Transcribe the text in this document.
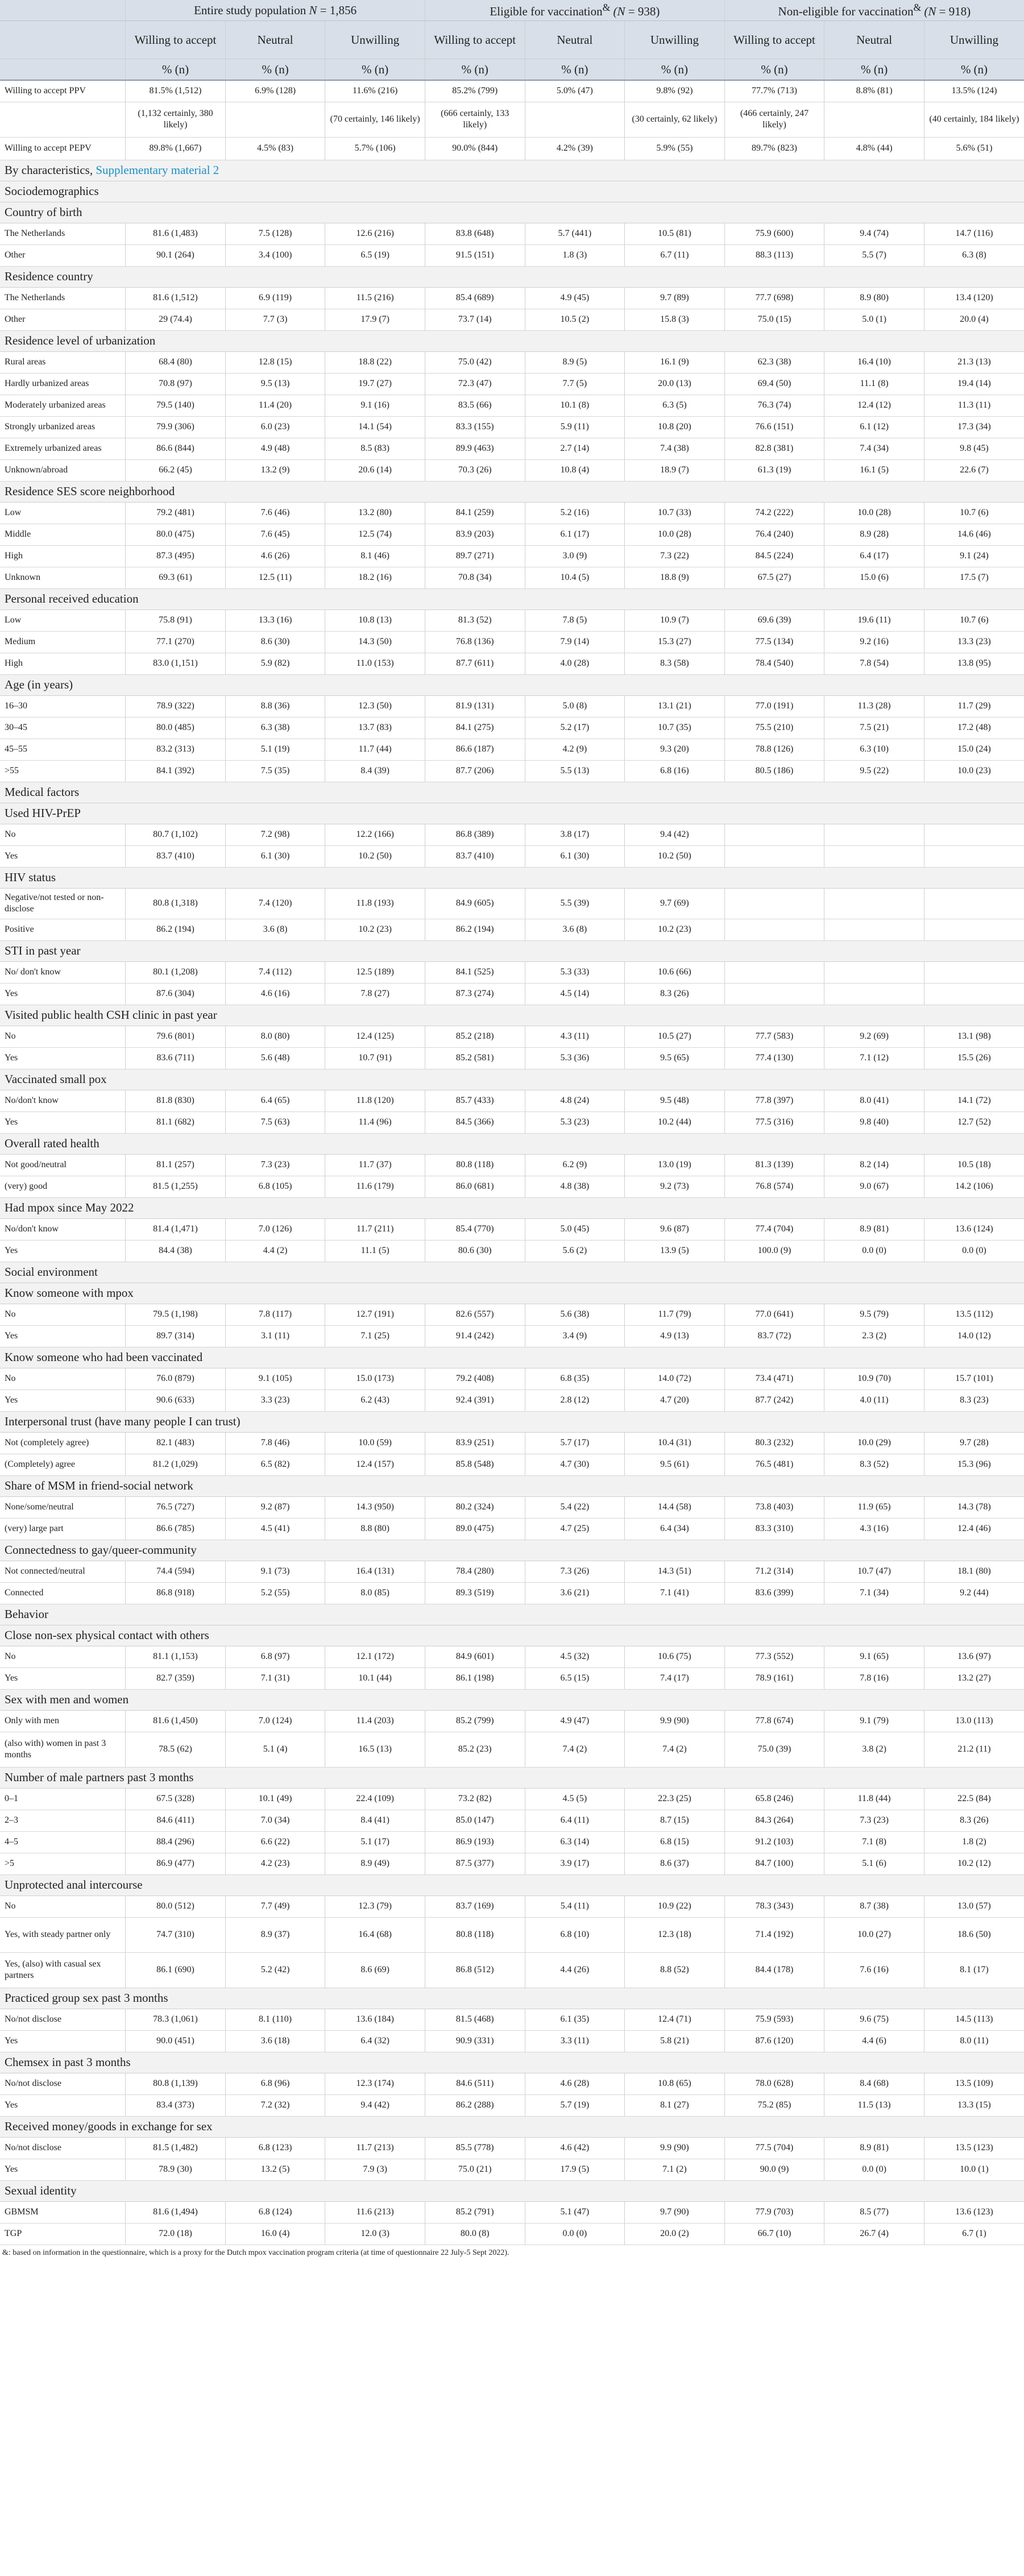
	Entire study population N = 1,856			Eligible for vaccination& (N = 938)			Non-eligible for vaccination& (N = 918)		
	Willing to accept	Neutral	Unwilling	Willing to accept	Neutral	Unwilling	Willing to accept	Neutral	Unwilling
	% (n)	% (n)	% (n)	% (n)	% (n)	% (n)	% (n)	% (n)	% (n)
Willing to accept PPV	81.5% (1,512)	6.9% (128)	11.6% (216)	85.2% (799)	5.0% (47)	9.8% (92)	77.7% (713)	8.8% (81)	13.5% (124)
	(1,132 certainly, 380 likely)		(70 certainly, 146 likely)	(666 certainly, 133 likely)		(30 certainly, 62 likely)	(466 certainly, 247 likely)		(40 certainly, 184 likely)
Willing to accept PEPV	89.8% (1,667)	4.5% (83)	5.7% (106)	90.0% (844)	4.2% (39)	5.9% (55)	89.7% (823)	4.8% (44)	5.6% (51)
By characteristics, Supplementary material 2									
Sociodemographics									
Country of birth									
The Netherlands	81.6 (1,483)	7.5 (128)	12.6 (216)	83.8 (648)	5.7 (441)	10.5 (81)	75.9 (600)	9.4 (74)	14.7 (116)
Other	90.1 (264)	3.4 (100)	6.5 (19)	91.5 (151)	1.8 (3)	6.7 (11)	88.3 (113)	5.5 (7)	6.3 (8)
Residence country									
The Netherlands	81.6 (1,512)	6.9 (119)	11.5 (216)	85.4 (689)	4.9 (45)	9.7 (89)	77.7 (698)	8.9 (80)	13.4 (120)
Other	29 (74.4)	7.7 (3)	17.9 (7)	73.7 (14)	10.5 (2)	15.8 (3)	75.0 (15)	5.0 (1)	20.0 (4)
Residence level of urbanization									
Rural areas	68.4 (80)	12.8 (15)	18.8 (22)	75.0 (42)	8.9 (5)	16.1 (9)	62.3 (38)	16.4 (10)	21.3 (13)
Hardly urbanized areas	70.8 (97)	9.5 (13)	19.7 (27)	72.3 (47)	7.7 (5)	20.0 (13)	69.4 (50)	11.1 (8)	19.4 (14)
Moderately urbanized areas	79.5 (140)	11.4 (20)	9.1 (16)	83.5 (66)	10.1 (8)	6.3 (5)	76.3 (74)	12.4 (12)	11.3 (11)
Strongly urbanized areas	79.9 (306)	6.0 (23)	14.1 (54)	83.3 (155)	5.9 (11)	10.8 (20)	76.6 (151)	6.1 (12)	17.3 (34)
Extremely urbanized areas	86.6 (844)	4.9 (48)	8.5 (83)	89.9 (463)	2.7 (14)	7.4 (38)	82.8 (381)	7.4 (34)	9.8 (45)
Unknown/abroad	66.2 (45)	13.2 (9)	20.6 (14)	70.3 (26)	10.8 (4)	18.9 (7)	61.3 (19)	16.1 (5)	22.6 (7)
Residence SES score neighborhood									
Low	79.2 (481)	7.6 (46)	13.2 (80)	84.1 (259)	5.2 (16)	10.7 (33)	74.2 (222)	10.0 (28)	10.7 (6)
Middle	80.0 (475)	7.6 (45)	12.5 (74)	83.9 (203)	6.1 (17)	10.0 (28)	76.4 (240)	8.9 (28)	14.6 (46)
High	87.3 (495)	4.6 (26)	8.1 (46)	89.7 (271)	3.0 (9)	7.3 (22)	84.5 (224)	6.4 (17)	9.1 (24)
Unknown	69.3 (61)	12.5 (11)	18.2 (16)	70.8 (34)	10.4 (5)	18.8 (9)	67.5 (27)	15.0 (6)	17.5 (7)
Personal received education									
Low	75.8 (91)	13.3 (16)	10.8 (13)	81.3 (52)	7.8 (5)	10.9 (7)	69.6 (39)	19.6 (11)	10.7 (6)
Medium	77.1 (270)	8.6 (30)	14.3 (50)	76.8 (136)	7.9 (14)	15.3 (27)	77.5 (134)	9.2 (16)	13.3 (23)
High	83.0 (1,151)	5.9 (82)	11.0 (153)	87.7 (611)	4.0 (28)	8.3 (58)	78.4 (540)	7.8 (54)	13.8 (95)
Age (in years)									
16–30	78.9 (322)	8.8 (36)	12.3 (50)	81.9 (131)	5.0 (8)	13.1 (21)	77.0 (191)	11.3 (28)	11.7 (29)
30–45	80.0 (485)	6.3 (38)	13.7 (83)	84.1 (275)	5.2 (17)	10.7 (35)	75.5 (210)	7.5 (21)	17.2 (48)
45–55	83.2 (313)	5.1 (19)	11.7 (44)	86.6 (187)	4.2 (9)	9.3 (20)	78.8 (126)	6.3 (10)	15.0 (24)
>55	84.1 (392)	7.5 (35)	8.4 (39)	87.7 (206)	5.5 (13)	6.8 (16)	80.5 (186)	9.5 (22)	10.0 (23)
Medical factors									
Used HIV-PrEP									
No	80.7 (1,102)	7.2 (98)	12.2 (166)	86.8 (389)	3.8 (17)	9.4 (42)			
Yes	83.7 (410)	6.1 (30)	10.2 (50)	83.7 (410)	6.1 (30)	10.2 (50)			
HIV status									
Negative/not tested or non-disclose	80.8 (1,318)	7.4 (120)	11.8 (193)	84.9 (605)	5.5 (39)	9.7 (69)			
Positive	86.2 (194)	3.6 (8)	10.2 (23)	86.2 (194)	3.6 (8)	10.2 (23)			
STI in past year									
No/ don't know	80.1 (1,208)	7.4 (112)	12.5 (189)	84.1 (525)	5.3 (33)	10.6 (66)			
Yes	87.6 (304)	4.6 (16)	7.8 (27)	87.3 (274)	4.5 (14)	8.3 (26)			
Visited public health CSH clinic in past year									
No	79.6 (801)	8.0 (80)	12.4 (125)	85.2 (218)	4.3 (11)	10.5 (27)	77.7 (583)	9.2 (69)	13.1 (98)
Yes	83.6 (711)	5.6 (48)	10.7 (91)	85.2 (581)	5.3 (36)	9.5 (65)	77.4 (130)	7.1 (12)	15.5 (26)
Vaccinated small pox									
No/don't know	81.8 (830)	6.4 (65)	11.8 (120)	85.7 (433)	4.8 (24)	9.5 (48)	77.8 (397)	8.0 (41)	14.1 (72)
Yes	81.1 (682)	7.5 (63)	11.4 (96)	84.5 (366)	5.3 (23)	10.2 (44)	77.5 (316)	9.8 (40)	12.7 (52)
Overall rated health									
Not good/neutral	81.1 (257)	7.3 (23)	11.7 (37)	80.8 (118)	6.2 (9)	13.0 (19)	81.3 (139)	8.2 (14)	10.5 (18)
(very) good	81.5 (1,255)	6.8 (105)	11.6 (179)	86.0 (681)	4.8 (38)	9.2 (73)	76.8 (574)	9.0 (67)	14.2 (106)
Had mpox since May 2022									
No/don't know	81.4 (1,471)	7.0 (126)	11.7 (211)	85.4 (770)	5.0 (45)	9.6 (87)	77.4 (704)	8.9 (81)	13.6 (124)
Yes	84.4 (38)	4.4 (2)	11.1 (5)	80.6 (30)	5.6 (2)	13.9 (5)	100.0 (9)	0.0 (0)	0.0 (0)
Social environment									
Know someone with mpox									
No	79.5 (1,198)	7.8 (117)	12.7 (191)	82.6 (557)	5.6 (38)	11.7 (79)	77.0 (641)	9.5 (79)	13.5 (112)
Yes	89.7 (314)	3.1 (11)	7.1 (25)	91.4 (242)	3.4 (9)	4.9 (13)	83.7 (72)	2.3 (2)	14.0 (12)
Know someone who had been vaccinated									
No	76.0 (879)	9.1 (105)	15.0 (173)	79.2 (408)	6.8 (35)	14.0 (72)	73.4 (471)	10.9 (70)	15.7 (101)
Yes	90.6 (633)	3.3 (23)	6.2 (43)	92.4 (391)	2.8 (12)	4.7 (20)	87.7 (242)	4.0 (11)	8.3 (23)
Interpersonal trust (have many people I can trust)									
Not (completely agree)	82.1 (483)	7.8 (46)	10.0 (59)	83.9 (251)	5.7 (17)	10.4 (31)	80.3 (232)	10.0 (29)	9.7 (28)
(Completely) agree	81.2 (1,029)	6.5 (82)	12.4 (157)	85.8 (548)	4.7 (30)	9.5 (61)	76.5 (481)	8.3 (52)	15.3 (96)
Share of MSM in friend-social network									
None/some/neutral	76.5 (727)	9.2 (87)	14.3 (950)	80.2 (324)	5.4 (22)	14.4 (58)	73.8 (403)	11.9 (65)	14.3 (78)
(very) large part	86.6 (785)	4.5 (41)	8.8 (80)	89.0 (475)	4.7 (25)	6.4 (34)	83.3 (310)	4.3 (16)	12.4 (46)
Connectedness to gay/queer-community									
Not connected/neutral	74.4 (594)	9.1 (73)	16.4 (131)	78.4 (280)	7.3 (26)	14.3 (51)	71.2 (314)	10.7 (47)	18.1 (80)
Connected	86.8 (918)	5.2 (55)	8.0 (85)	89.3 (519)	3.6 (21)	7.1 (41)	83.6 (399)	7.1 (34)	9.2 (44)
Behavior									
Close non-sex physical contact with others									
No	81.1 (1,153)	6.8 (97)	12.1 (172)	84.9 (601)	4.5 (32)	10.6 (75)	77.3 (552)	9.1 (65)	13.6 (97)
Yes	82.7 (359)	7.1 (31)	10.1 (44)	86.1 (198)	6.5 (15)	7.4 (17)	78.9 (161)	7.8 (16)	13.2 (27)
Sex with men and women									
Only with men	81.6 (1,450)	7.0 (124)	11.4 (203)	85.2 (799)	4.9 (47)	9.9 (90)	77.8 (674)	9.1 (79)	13.0 (113)
(also with) women in past 3 months	78.5 (62)	5.1 (4)	16.5 (13)	85.2 (23)	7.4 (2)	7.4 (2)	75.0 (39)	3.8 (2)	21.2 (11)
Number of male partners past 3 months									
0–1	67.5 (328)	10.1 (49)	22.4 (109)	73.2 (82)	4.5 (5)	22.3 (25)	65.8 (246)	11.8 (44)	22.5 (84)
2–3	84.6 (411)	7.0 (34)	8.4 (41)	85.0 (147)	6.4 (11)	8.7 (15)	84.3 (264)	7.3 (23)	8.3 (26)
4–5	88.4 (296)	6.6 (22)	5.1 (17)	86.9 (193)	6.3 (14)	6.8 (15)	91.2 (103)	7.1 (8)	1.8 (2)
>5	86.9 (477)	4.2 (23)	8.9 (49)	87.5 (377)	3.9 (17)	8.6 (37)	84.7 (100)	5.1 (6)	10.2 (12)
Unprotected anal intercourse									
No	80.0 (512)	7.7 (49)	12.3 (79)	83.7 (169)	5.4 (11)	10.9 (22)	78.3 (343)	8.7 (38)	13.0 (57)
Yes, with steady partner only	74.7 (310)	8.9 (37)	16.4 (68)	80.8 (118)	6.8 (10)	12.3 (18)	71.4 (192)	10.0 (27)	18.6 (50)
Yes, (also) with casual sex partners	86.1 (690)	5.2 (42)	8.6 (69)	86.8 (512)	4.4 (26)	8.8 (52)	84.4 (178)	7.6 (16)	8.1 (17)
Practiced group sex past 3 months									
No/not disclose	78.3 (1,061)	8.1 (110)	13.6 (184)	81.5 (468)	6.1 (35)	12.4 (71)	75.9 (593)	9.6 (75)	14.5 (113)
Yes	90.0 (451)	3.6 (18)	6.4 (32)	90.9 (331)	3.3 (11)	5.8 (21)	87.6 (120)	4.4 (6)	8.0 (11)
Chemsex in past 3 months									
No/not disclose	80.8 (1,139)	6.8 (96)	12.3 (174)	84.6 (511)	4.6 (28)	10.8 (65)	78.0 (628)	8.4 (68)	13.5 (109)
Yes	83.4 (373)	7.2 (32)	9.4 (42)	86.2 (288)	5.7 (19)	8.1 (27)	75.2 (85)	11.5 (13)	13.3 (15)
Received money/goods in exchange for sex									
No/not disclose	81.5 (1,482)	6.8 (123)	11.7 (213)	85.5 (778)	4.6 (42)	9.9 (90)	77.5 (704)	8.9 (81)	13.5 (123)
Yes	78.9 (30)	13.2 (5)	7.9 (3)	75.0 (21)	17.9 (5)	7.1 (2)	90.0 (9)	0.0 (0)	10.0 (1)
Sexual identity									
GBMSM	81.6 (1,494)	6.8 (124)	11.6 (213)	85.2 (791)	5.1 (47)	9.7 (90)	77.9 (703)	8.5 (77)	13.6 (123)
TGP	72.0 (18)	16.0 (4)	12.0 (3)	80.0 (8)	0.0 (0)	20.0 (2)	66.7 (10)	26.7 (4)	6.7 (1)
&: based on information in the questionnaire, which is a proxy for the Dutch mpox vaccination program criteria (at time of questionnaire 22 July-5 Sept 2022).
